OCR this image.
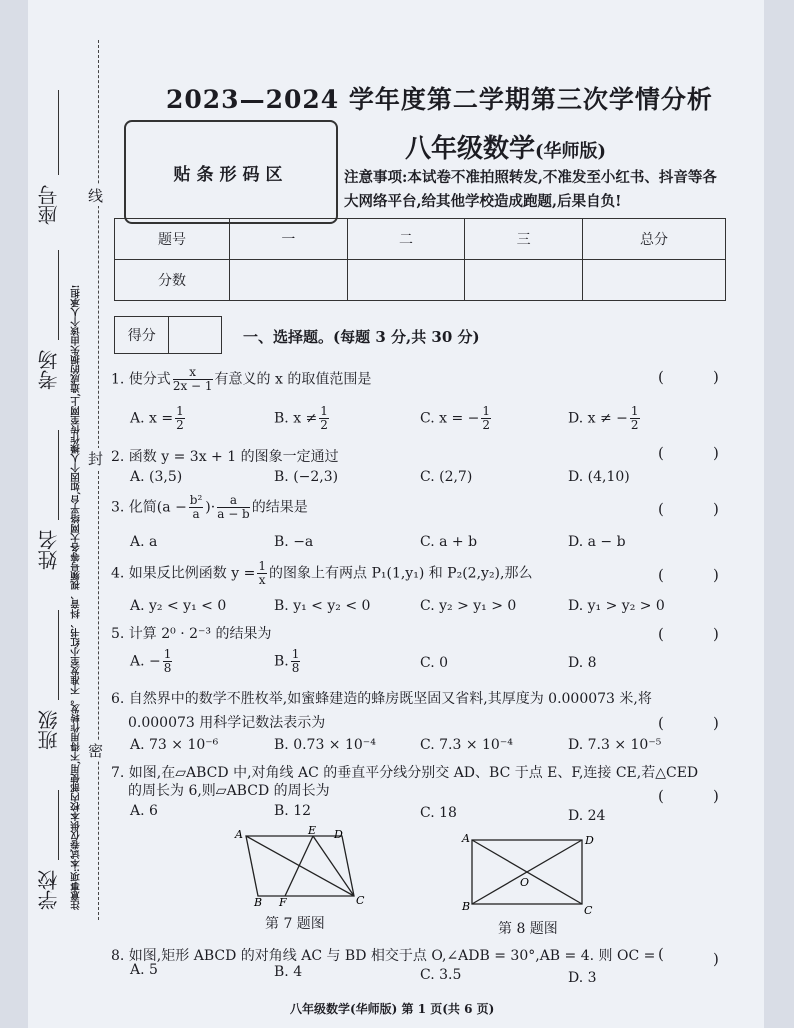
注意事项:本试卷仅供本校内部使用,不得用作转发。不准发至小红书、抖音、视频号等各大网络平台,如因个人操作传至网上,造成的损失由该个人承担!
学校
班级
姓名
考场
座号
密
封
线
2023—2024 学年度第二学期第三次学情分析
贴条形码区
八年级数学(华师版)
注意事项:本试卷不准拍照转发,不准发至小红书、抖音等各大网络平台,给其他学校造成跑题,后果自负!
题号	一	二	三	总分
分数				
得分	一、选择题。(每题 3 分,共 30 分)
1. 使分式 $\frac{x}{2x - 1}$ 有意义的 x 的取值范围是	(	)
A. $x = \frac{1}{2}$	B. $x \ne \frac{1}{2}$	C. x = − $\frac{1}{2}$	D. x ≠ − $\frac{1}{2}$
2. 函数 y = 3x + 1 的图象一定通过	(	)
A. (3,5)	B. (−2,3)	C. (2,7)	D. (4,10)
3. 化简($a - \frac{\text{b²}}{a}$ )· $\frac{a}{a - b}$ 的结果是	(	)
A. a	B. −a	C. a + b	D. a − b
4. 如果反比例函数 $y = \frac{1}{x}$ 的图象上有两点 P₁(1,y₁) 和 P₂(2,y₂),那么	(	)
A. y₂ < y₁ < 0	B. y₁ < y₂ < 0	C. y₂ > y₁ > 0	D. y₁ > y₂ > 0
5. 计算 2⁰ · 2⁻³ 的结果为	(	)
A. − $\frac{1}{8}$	B. $\frac{1}{8}$	C. 0	D. 8
6. 自然界中的数学不胜枚举,如蜜蜂建造的蜂房既坚固又省料,其厚度为 0.000073 米,将
0.000073 用科学记数法表示为	(	)
A. 73 × 10⁻⁶	B. 0.73 × 10⁻⁴	C. 7.3 × 10⁻⁴	D. 7.3 × 10⁻⁵
7. 如图,在▱ABCD 中,对角线 AC 的垂直平分线分别交 AD、BC 于点 E、F,连接 CE,若△CED
的周长为 6,则▱ABCD 的周长为	(	)
A. 6	B. 12	C. 18	D. 24
A	E D
B F	C
第 7 题图
A	D
O
B	C
第 8 题图
8. 如图,矩形 ABCD 的对角线 AC 与 BD 相交于点 O,∠ADB = 30°,AB = 4. 则 OC = (	)
A. 5	B. 4	C. 3.5	D. 3
八年级数学(华师版) 第 1 页(共 6 页)
